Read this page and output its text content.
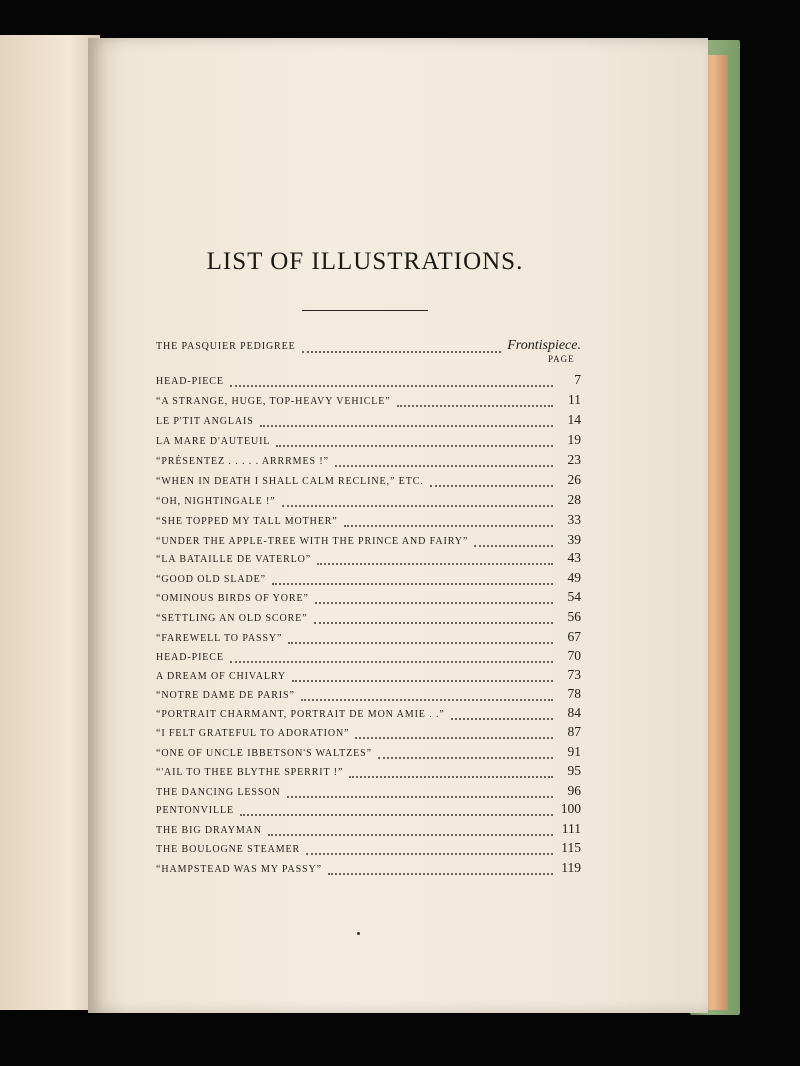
LIST OF ILLUSTRATIONS.
PAGE
THE PASQUIER PEDIGREE	Frontispiece.
HEAD-PIECE	7
“A STRANGE, HUGE, TOP-HEAVY VEHICLE”	11
LE P'TIT ANGLAIS	14
LA MARE D'AUTEUIL	19
“PRÉSENTEZ . . . . . ARRRMES !”	23
“WHEN IN DEATH I SHALL CALM RECLINE,” ETC.	26
“OH, NIGHTINGALE !”	28
“SHE TOPPED MY TALL MOTHER”	33
“UNDER THE APPLE-TREE WITH THE PRINCE AND FAIRY”	39
“LA BATAILLE DE VATERLO”	43
“GOOD OLD SLADE”	49
“OMINOUS BIRDS OF YORE”	54
“SETTLING AN OLD SCORE”	56
“FAREWELL TO PASSY”	67
HEAD-PIECE	70
A DREAM OF CHIVALRY	73
“NOTRE DAME DE PARIS”	78
“PORTRAIT CHARMANT, PORTRAIT DE MON AMIE . .”	84
“I FELT GRATEFUL TO ADORATION”	87
“ONE OF UNCLE IBBETSON'S WALTZES”	91
“'AIL TO THEE BLYTHE SPERRIT !”	95
THE DANCING LESSON	96
PENTONVILLE	100
THE BIG DRAYMAN	111
THE BOULOGNE STEAMER	115
“HAMPSTEAD WAS MY PASSY”	119
